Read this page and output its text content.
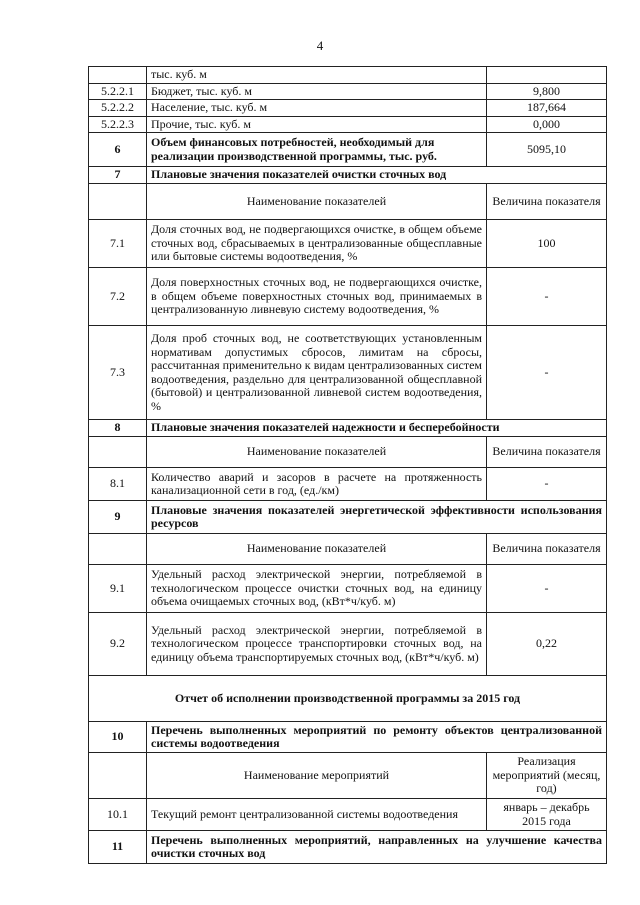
4
	тыс. куб. м	
5.2.2.1	Бюджет, тыс. куб. м	9,800
5.2.2.2	Население, тыс. куб. м	187,664
5.2.2.3	Прочие, тыс. куб. м	0,000
6	Объем финансовых потребностей, необходимый для реализации производственной программы, тыс. руб.	5095,10
7	Плановые значения показателей очистки сточных вод	
	Наименование показателей	Величина показателя
7.1	Доля сточных вод, не подвергающихся очистке, в общем объеме сточных вод, сбрасываемых в централизованные общесплавные или бытовые системы водоотведения, %	100
7.2	Доля поверхностных сточных вод, не подвергающихся очистке, в общем объеме поверхностных сточных вод, принимаемых в централизованную ливневую систему водоотведения, %	-
7.3	Доля проб сточных вод, не соответствующих установленным нормативам допустимых сбросов, лимитам на сбросы, рассчитанная применительно к видам централизованных систем водоотведения, раздельно для централизованной общесплавной (бытовой) и централизованной ливневой систем водоотведения, %	-
8	Плановые значения показателей надежности и бесперебойности	
	Наименование показателей	Величина показателя
8.1	Количество аварий и засоров в расчете на протяженность канализационной сети в год, (ед./км)	-
9	Плановые значения показателей энергетической эффективности использования ресурсов	
	Наименование показателей	Величина показателя
9.1	Удельный расход электрической энергии, потребляемой в технологическом процессе очистки сточных вод, на единицу объема очищаемых сточных вод, (кВт*ч/куб. м)	-
9.2	Удельный расход электрической энергии, потребляемой в технологическом процессе транспортировки сточных вод, на единицу объема транспортируемых сточных вод, (кВт*ч/куб. м)	0,22
Отчет об исполнении производственной программы за 2015 год		
10	Перечень выполненных мероприятий по ремонту объектов централизованной системы водоотведения	
	Наименование мероприятий	Реализация мероприятий (месяц, год)
10.1	Текущий ремонт централизованной системы водоотведения	январь – декабрь 2015 года
11	Перечень выполненных мероприятий, направленных на улучшение качества очистки сточных вод	
